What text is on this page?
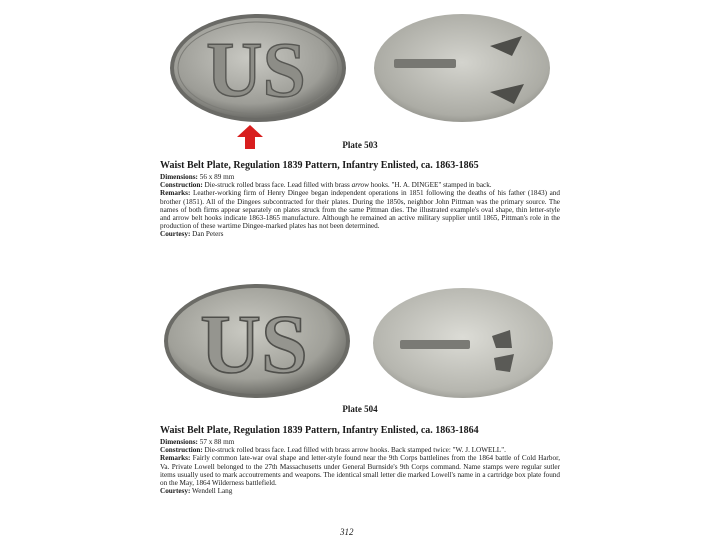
US
Plate 503
Waist Belt Plate, Regulation 1839 Pattern, Infantry Enlisted, ca. 1863-1865

Dimensions: 56 x 89 mm

Construction: Die-struck rolled brass face. Lead filled with brass arrow hooks. "H. A. DINGEE" stamped in back.

Remarks: Leather-working firm of Henry Dingee began independent operations in 1851 following the deaths of his father (1843) and brother (1851). All of the Dingees subcontracted for their plates. During the 1850s, neighbor John Pittman was the primary source. The names of both firms appear separately on plates struck from the same Pittman dies. The illustrated example's oval shape, thin letter-style and arrow belt hooks indicate 1863-1865 manufacture. Although he remained an active military supplier until 1865, Pittman's role in the production of these wartime Dingee-marked plates has not been determined.

Courtesy: Dan Peters

US
Plate 504
Waist Belt Plate, Regulation 1839 Pattern, Infantry Enlisted, ca. 1863-1864

Dimensions: 57 x 88 mm

Construction: Die-struck rolled brass face. Lead filled with brass arrow hooks. Back stamped twice: "W. J. LOWELL".

Remarks: Fairly common late-war oval shape and letter-style found near the 9th Corps battlelines from the 1864 battle of Cold Harbor, Va. Private Lowell belonged to the 27th Massachusetts under General Burnside's 9th Corps command. Name stamps were regular sutler items usually used to mark accoutrements and weapons. The identical small letter die marked Lowell's name in a cartridge box plate found on the May, 1864 Wilderness battlefield.

Courtesy: Wendell Lang

312
